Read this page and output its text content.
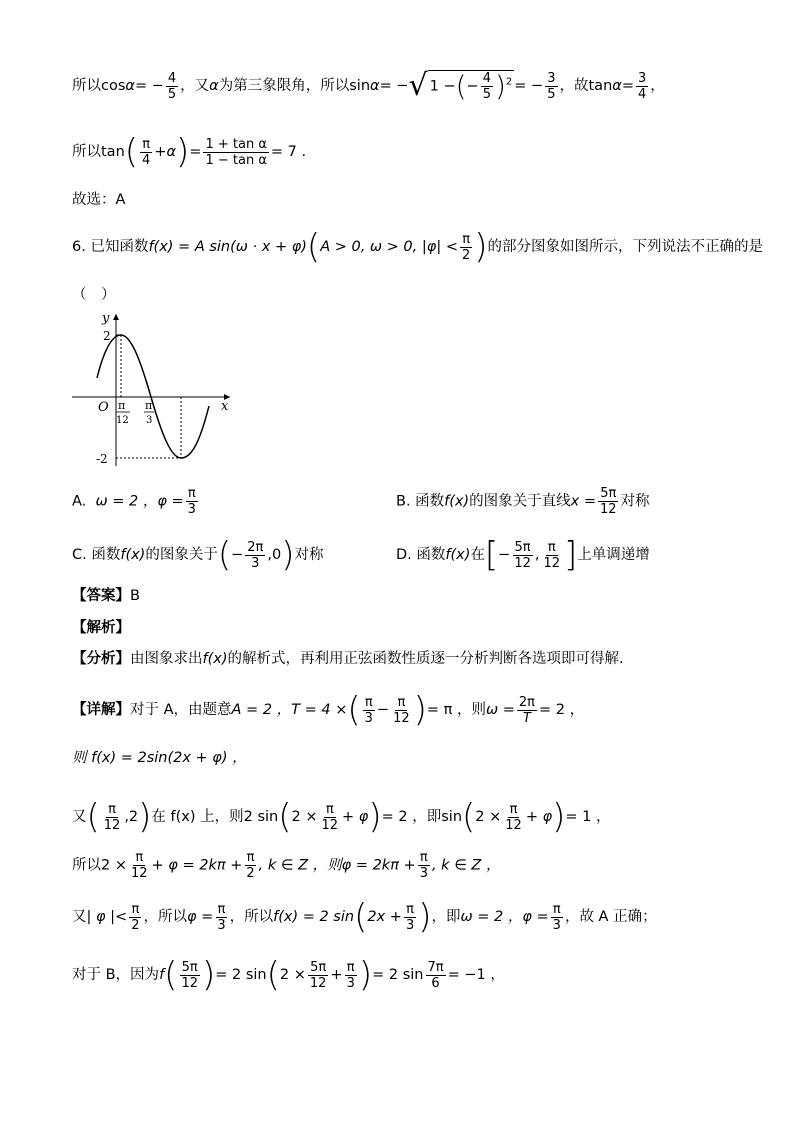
所以$\cos\alpha= - \frac{4}{5}$ ，又α为第三象限角，所以sinα= −√ 1 −(− $\frac{4}{5} )^2$ = − $\frac{3}{5}$ ，故$\tan\alpha= \frac{3}{4}$ ，
所以$\tan( \frac{\pi}{4} +\alpha)= \frac{\text{1 + tan α}}{\text{1 − tan α}} = 7$ .
故选：A
6. 已知函数f(x) = A sin(ω · x + φ)(A > 0, ω > 0, $|\varphi| < \frac{\pi}{2}$ )的部分图象如图所示，下列说法不正确的是
（　）
y
x
O
2
-2
π
12
π
3
A. ω = 2 ，$\varphi = \frac{\pi}{3}$	B. 函数f(x)的图象关于直线$x = \frac{5\pi}{12}$ 对称
C. 函数f(x)的图象关于(− $\frac{2\pi}{3} ,0$)对称	D. 函数f(x)在[− $\frac{5\pi}{12}$ , $\frac{\pi}{12}$ ]上单调递增
【答案】B
【解析】
【分析】由图象求出f(x)的解析式，再利用正弦函数性质逐一分析判断各选项即可得解.
【详解】对于 A，由题意A = 2 ，T = 4 ×( $\frac{\pi}{3} - \frac{\pi}{12}$ )= π ，则$\omega = \frac{2\pi}{T} = 2$ ，
则 f(x) = 2sin(2x + φ) ，
又( $\frac{\pi}{12} ,2$)在 f(x) 上，则2 $\sin(2 \times \frac{\pi}{12} + \varphi)= 2$ ，即$\sin(2 \times \frac{\pi}{12} + \varphi)= 1$ ，
所以$2 \times \frac{\pi}{12} + \varphi = 2k\pi + \frac{\pi}{2}$ , k ∈ Z ，则$\varphi = 2k\pi + \frac{\pi}{3}$ , k ∈ Z ，
又| φ |< $\frac{\pi}{2}$ ，所以$\varphi = \frac{\pi}{3}$ ，所以f(x) = 2 $\sin(2x + \frac{\pi}{3}$ )，即ω = 2 ，$\varphi = \frac{\pi}{3}$ ，故 A 正确；
对于 B，因为$f( \frac{5\pi}{12}$ )= 2 $\sin(2 \times \frac{5\pi}{12} + \frac{\pi}{3}$ )= 2 $\sin \frac{7\pi}{6} = -1$ ，
